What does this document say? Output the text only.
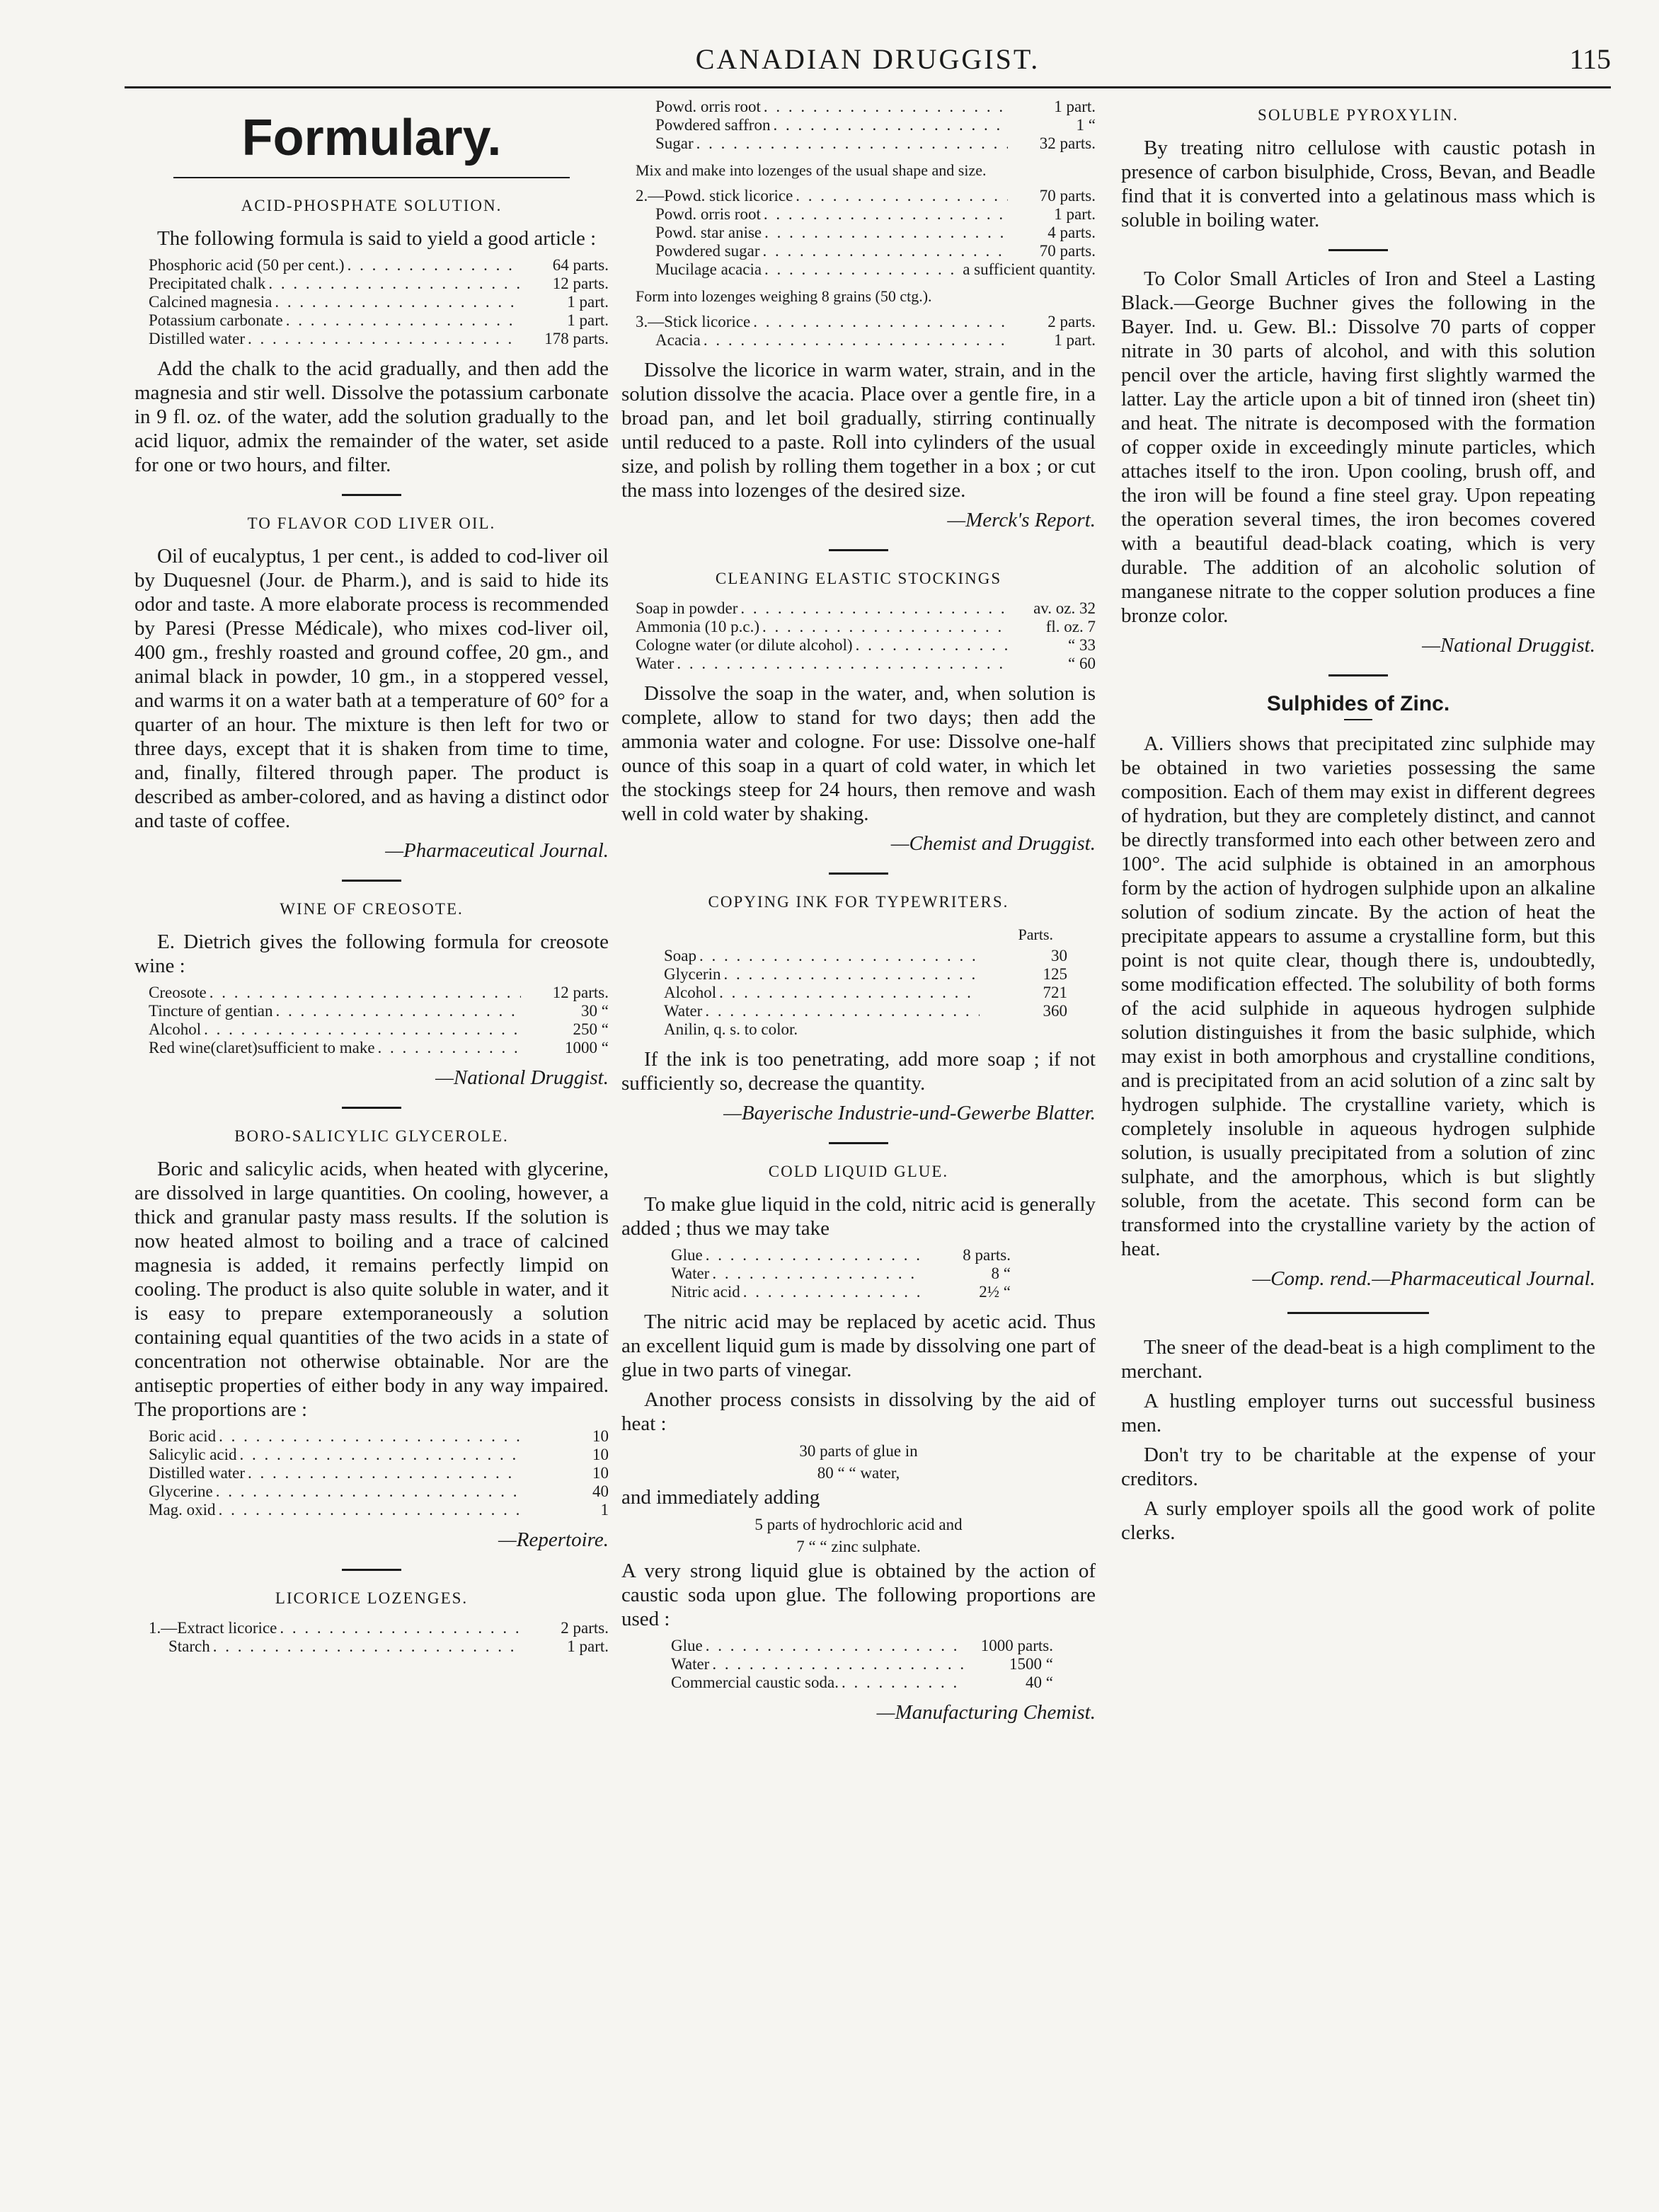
CANADIAN DRUGGIST.	115
Formulary.
ACID-PHOSPHATE SOLUTION.

The following formula is said to yield a good article :

Phosphoric acid (50 per cent.) . . .	64 parts.
Precipitated chalk . . .	12 parts.
Calcined magnesia . . .	1 part.
Potassium carbonate . . .	1 part.
Distilled water . . .	178 parts.

Add the chalk to the acid gradually, and then add the magnesia and stir well. Dissolve the potassium carbonate in 9 fl. oz. of the water, add the solution gradually to the acid liquor, admix the remainder of the water, set aside for one or two hours, and filter.

TO FLAVOR COD LIVER OIL.

Oil of eucalyptus, 1 per cent., is added to cod-liver oil by Duquesnel (Jour. de Pharm.), and is said to hide its odor and taste. A more elaborate process is recommended by Paresi (Presse Médicale), who mixes cod-liver oil, 400 gm., freshly roasted and ground coffee, 20 gm., and animal black in powder, 10 gm., in a stoppered vessel, and warms it on a water bath at a temperature of 60° for a quarter of an hour. The mixture is then left for two or three days, except that it is shaken from time to time, and, finally, filtered through paper. The product is described as amber-colored, and as having a distinct odor and taste of coffee.

—Pharmaceutical Journal.
WINE OF CREOSOTE.

E. Dietrich gives the following formula for creosote wine :

Creosote . . .	12 parts.
Tincture of gentian . . .	30 “
Alcohol . . .	250 “
Red wine(claret)sufficient to make . . .	1000 “
—National Druggist.
BORO-SALICYLIC GLYCEROLE.

Boric and salicylic acids, when heated with glycerine, are dissolved in large quantities. On cooling, however, a thick and granular pasty mass results. If the solution is now heated almost to boiling and a trace of calcined magnesia is added, it remains perfectly limpid on cooling. The product is also quite soluble in water, and it is easy to prepare extemporaneously a solution containing equal quantities of the two acids in a state of concentration not otherwise obtainable. Nor are the antiseptic properties of either body in any way impaired. The proportions are :

Boric acid . . .	10
Salicylic acid . . .	10
Distilled water . . .	10
Glycerine . . .	40
Mag. oxid . . .	1
—Repertoire.
LICORICE LOZENGES.
1.—Extract licorice . . .	2 parts.
Starch . . .	1 part.
Powd. orris root . . .	1 part.
Powdered saffron . . .	1 “
Sugar . . .	32 parts.
Mix and make into lozenges of the usual shape and size.
2.—Powd. stick licorice . . .	70 parts.
Powd. orris root . . .	1 part.
Powd. star anise . . .	4 parts.
Powdered sugar . . .	70 parts.
Mucilage acacia . . .	a sufficient quantity.
Form into lozenges weighing 8 grains (50 ctg.).
3.—Stick licorice . . .	2 parts.
Acacia . . .	1 part.

Dissolve the licorice in warm water, strain, and in the solution dissolve the acacia. Place over a gentle fire, in a broad pan, and let boil gradually, stirring continually until reduced to a paste. Roll into cylinders of the usual size, and polish by rolling them together in a box ; or cut the mass into lozenges of the desired size.

—Merck's Report.
CLEANING ELASTIC STOCKINGS
Soap in powder . . .	av. oz. 32
Ammonia (10 p.c.) . . .	fl. oz. 7
Cologne water (or dilute alcohol) . . .	“ 33
Water . . .	“ 60

Dissolve the soap in the water, and, when solution is complete, allow to stand for two days; then add the ammonia water and cologne. For use: Dissolve one-half ounce of this soap in a quart of cold water, in which let the stockings steep for 24 hours, then remove and wash well in cold water by shaking.

—Chemist and Druggist.
COPYING INK FOR TYPEWRITERS.
Parts.
Soap . . .	30
Glycerin . . .	125
Alcohol . . .	721
Water . . .	360
Anilin, q. s. to color.

If the ink is too penetrating, add more soap ; if not sufficiently so, decrease the quantity.

—Bayerische Industrie-und-Gewerbe Blatter.
COLD LIQUID GLUE.

To make glue liquid in the cold, nitric acid is generally added ; thus we may take

Glue . . .	8 parts.
Water . . .	8 “
Nitric acid . . .	2½ “

The nitric acid may be replaced by acetic acid. Thus an excellent liquid gum is made by dissolving one part of glue in two parts of vinegar.

Another process consists in dissolving by the aid of heat :

30 parts of glue in
80 “ “ water,

and immediately adding

5 parts of hydrochloric acid and
7 “ “ zinc sulphate.

A very strong liquid glue is obtained by the action of caustic soda upon glue. The following proportions are used :

Glue . . .	1000 parts.
Water . . .	1500 “
Commercial caustic soda. . . .	40 “
—Manufacturing Chemist.
SOLUBLE PYROXYLIN.

By treating nitro cellulose with caustic potash in presence of carbon bisulphide, Cross, Bevan, and Beadle find that it is converted into a gelatinous mass which is soluble in boiling water.

To Color Small Articles of Iron and Steel a Lasting Black.—George Buchner gives the following in the Bayer. Ind. u. Gew. Bl.: Dissolve 70 parts of copper nitrate in 30 parts of alcohol, and with this solution pencil over the article, having first slightly warmed the latter. Lay the article upon a bit of tinned iron (sheet tin) and heat. The nitrate is decomposed with the formation of copper oxide in exceedingly minute particles, which attaches itself to the iron. Upon cooling, brush off, and the iron will be found a fine steel gray. Upon repeating the operation several times, the iron becomes covered with a beautiful dead-black coating, which is very durable. The addition of an alcoholic solution of manganese nitrate to the copper solution produces a fine bronze color.

—National Druggist.
Sulphides of Zinc.

A. Villiers shows that precipitated zinc sulphide may be obtained in two varieties possessing the same composition. Each of them may exist in different degrees of hydration, but they are completely distinct, and cannot be directly transformed into each other between zero and 100°. The acid sulphide is obtained in an amorphous form by the action of hydrogen sulphide upon an alkaline solution of sodium zincate. By the action of heat the precipitate appears to assume a crystalline form, but this point is not quite clear, though there is, undoubtedly, some modification effected. The solubility of both forms of the acid sulphide in aqueous hydrogen sulphide solution distinguishes it from the basic sulphide, which may exist in both amorphous and crystalline conditions, and is precipitated from an acid solution of a zinc salt by hydrogen sulphide. The crystalline variety, which is completely insoluble in aqueous hydrogen sulphide solution, is usually precipitated from a solution of zinc sulphate, and the amorphous, which is but slightly soluble, from the acetate. This second form can be transformed into the crystalline variety by the action of heat.

—Comp. rend.—Pharmaceutical Journal.

The sneer of the dead-beat is a high compliment to the merchant.

A hustling employer turns out successful business men.

Don't try to be charitable at the expense of your creditors.

A surly employer spoils all the good work of polite clerks.
